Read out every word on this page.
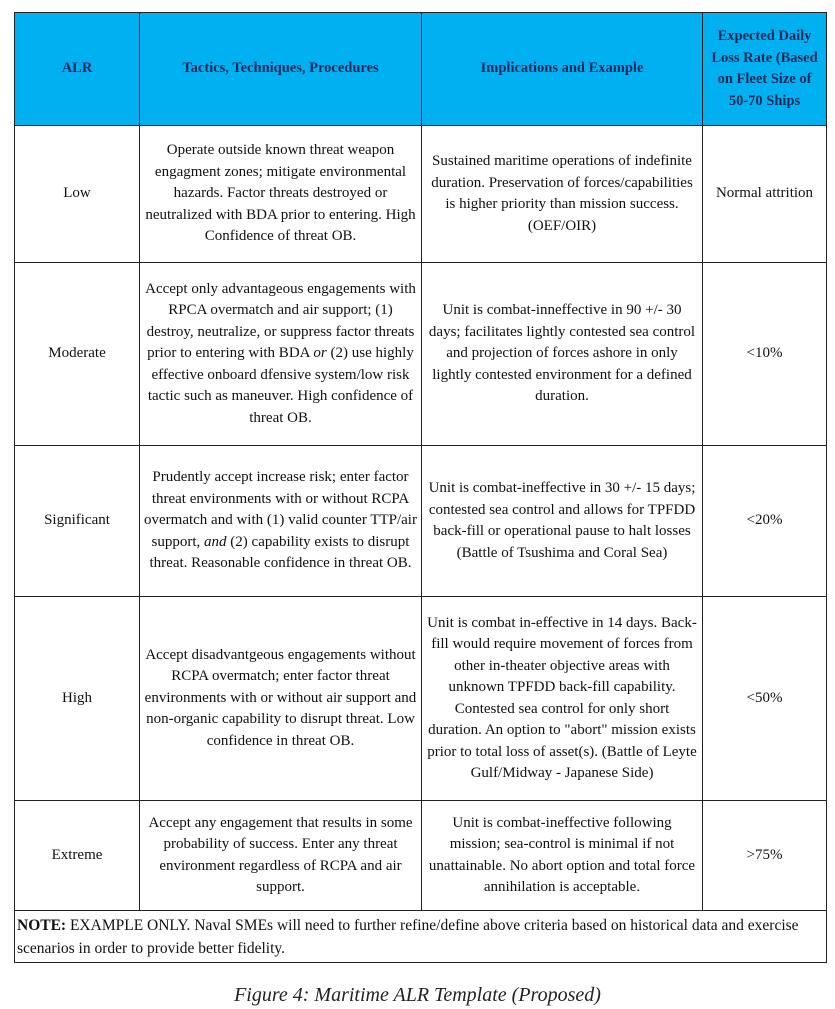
ALR	Tactics, Techniques, Procedures	Implications and Example	Expected Daily Loss Rate (Based on Fleet Size of 50-70 Ships
Low	Operate outside known threat weapon engagment zones; mitigate environmental hazards. Factor threats destroyed or neutralized with BDA prior to entering. High Confidence of threat OB.	Sustained maritime operations of indefinite duration. Preservation of forces/capabilities is higher priority than mission success. (OEF/OIR)	Normal attrition
Moderate	Accept only advantageous engagements with RPCA overmatch and air support; (1) destroy, neutralize, or suppress factor threats prior to entering with BDA or (2) use highly effective onboard dfensive system/low risk tactic such as maneuver. High confidence of threat OB.	Unit is combat-inneffective in 90 +/- 30 days; facilitates lightly contested sea control and projection of forces ashore in only lightly contested environment for a defined duration.	<10%
Significant	Prudently accept increase risk; enter factor threat environments with or without RCPA overmatch and with (1) valid counter TTP/air support, and (2) capability exists to disrupt threat. Reasonable confidence in threat OB.	Unit is combat-ineffective in 30 +/- 15 days; contested sea control and allows for TPFDD back-fill or operational pause to halt losses (Battle of Tsushima and Coral Sea)	<20%
High	Accept disadvantgeous engagements without RCPA overmatch; enter factor threat environments with or without air support and non-organic capability to disrupt threat. Low confidence in threat OB.	Unit is combat in-effective in 14 days. Back-fill would require movement of forces from other in-theater objective areas with unknown TPFDD back-fill capability. Contested sea control for only short duration. An option to "abort" mission exists prior to total loss of asset(s). (Battle of Leyte Gulf/Midway - Japanese Side)	<50%
Extreme	Accept any engagement that results in some probability of success. Enter any threat environment regardless of RCPA and air support.	Unit is combat-ineffective following mission; sea-control is minimal if not unattainable. No abort option and total force annihilation is acceptable.	>75%
NOTE: EXAMPLE ONLY. Naval SMEs will need to further refine/define above criteria based on historical data and exercise scenarios in order to provide better fidelity.			
Figure 4: Maritime ALR Template (Proposed)
